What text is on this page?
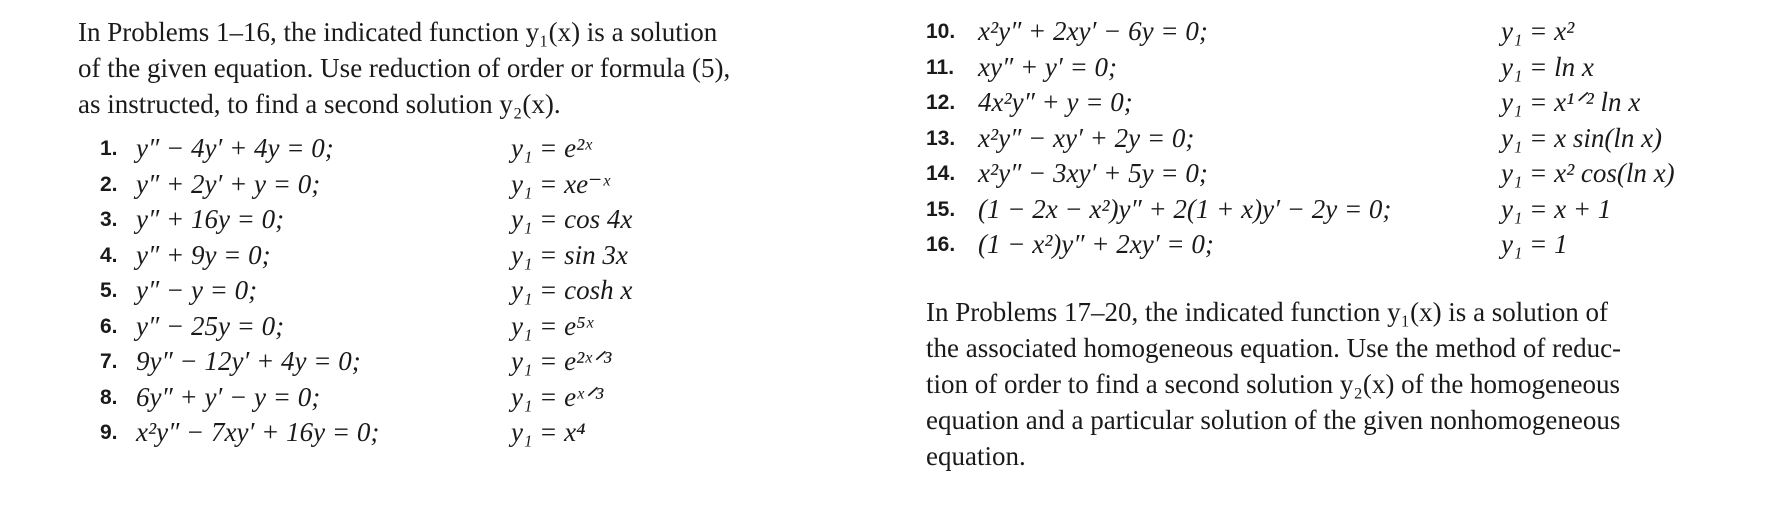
In Problems 1–16, the indicated function y₁(x) is a solution

of the given equation. Use reduction of order or formula (5),

as instructed, to find a second solution y₂(x).

1. y″ − 4y′ + 4y = 0;	y₁ = e²ˣ
2. y″ + 2y′ + y = 0;	y₁ = xe⁻ˣ
3. y″ + 16y = 0;	y₁ = cos 4x
4. y″ + 9y = 0;	y₁ = sin 3x
5. y″ − y = 0;	y₁ = cosh x
6. y″ − 25y = 0;	y₁ = e⁵ˣ
7. 9y″ − 12y′ + 4y = 0;	y₁ = e²ˣᐟ³
8. 6y″ + y′ − y = 0;	y₁ = eˣᐟ³
9. x²y″ − 7xy′ + 16y = 0;	y₁ = x⁴
10. x²y″ + 2xy′ − 6y = 0;	y₁ = x²
11. xy″ + y′ = 0;	y₁ = ln x
12. 4x²y″ + y = 0;	y₁ = x¹ᐟ² ln x
13. x²y″ − xy′ + 2y = 0;	y₁ = x sin(ln x)
14. x²y″ − 3xy′ + 5y = 0;	y₁ = x² cos(ln x)
15. (1 − 2x − x²)y″ + 2(1 + x)y′ − 2y = 0;	y₁ = x + 1
16. (1 − x²)y″ + 2xy′ = 0;	y₁ = 1

In Problems 17–20, the indicated function y₁(x) is a solution of

the associated homogeneous equation. Use the method of reduc-

tion of order to find a second solution y₂(x) of the homogeneous

equation and a particular solution of the given nonhomogeneous

equation.
